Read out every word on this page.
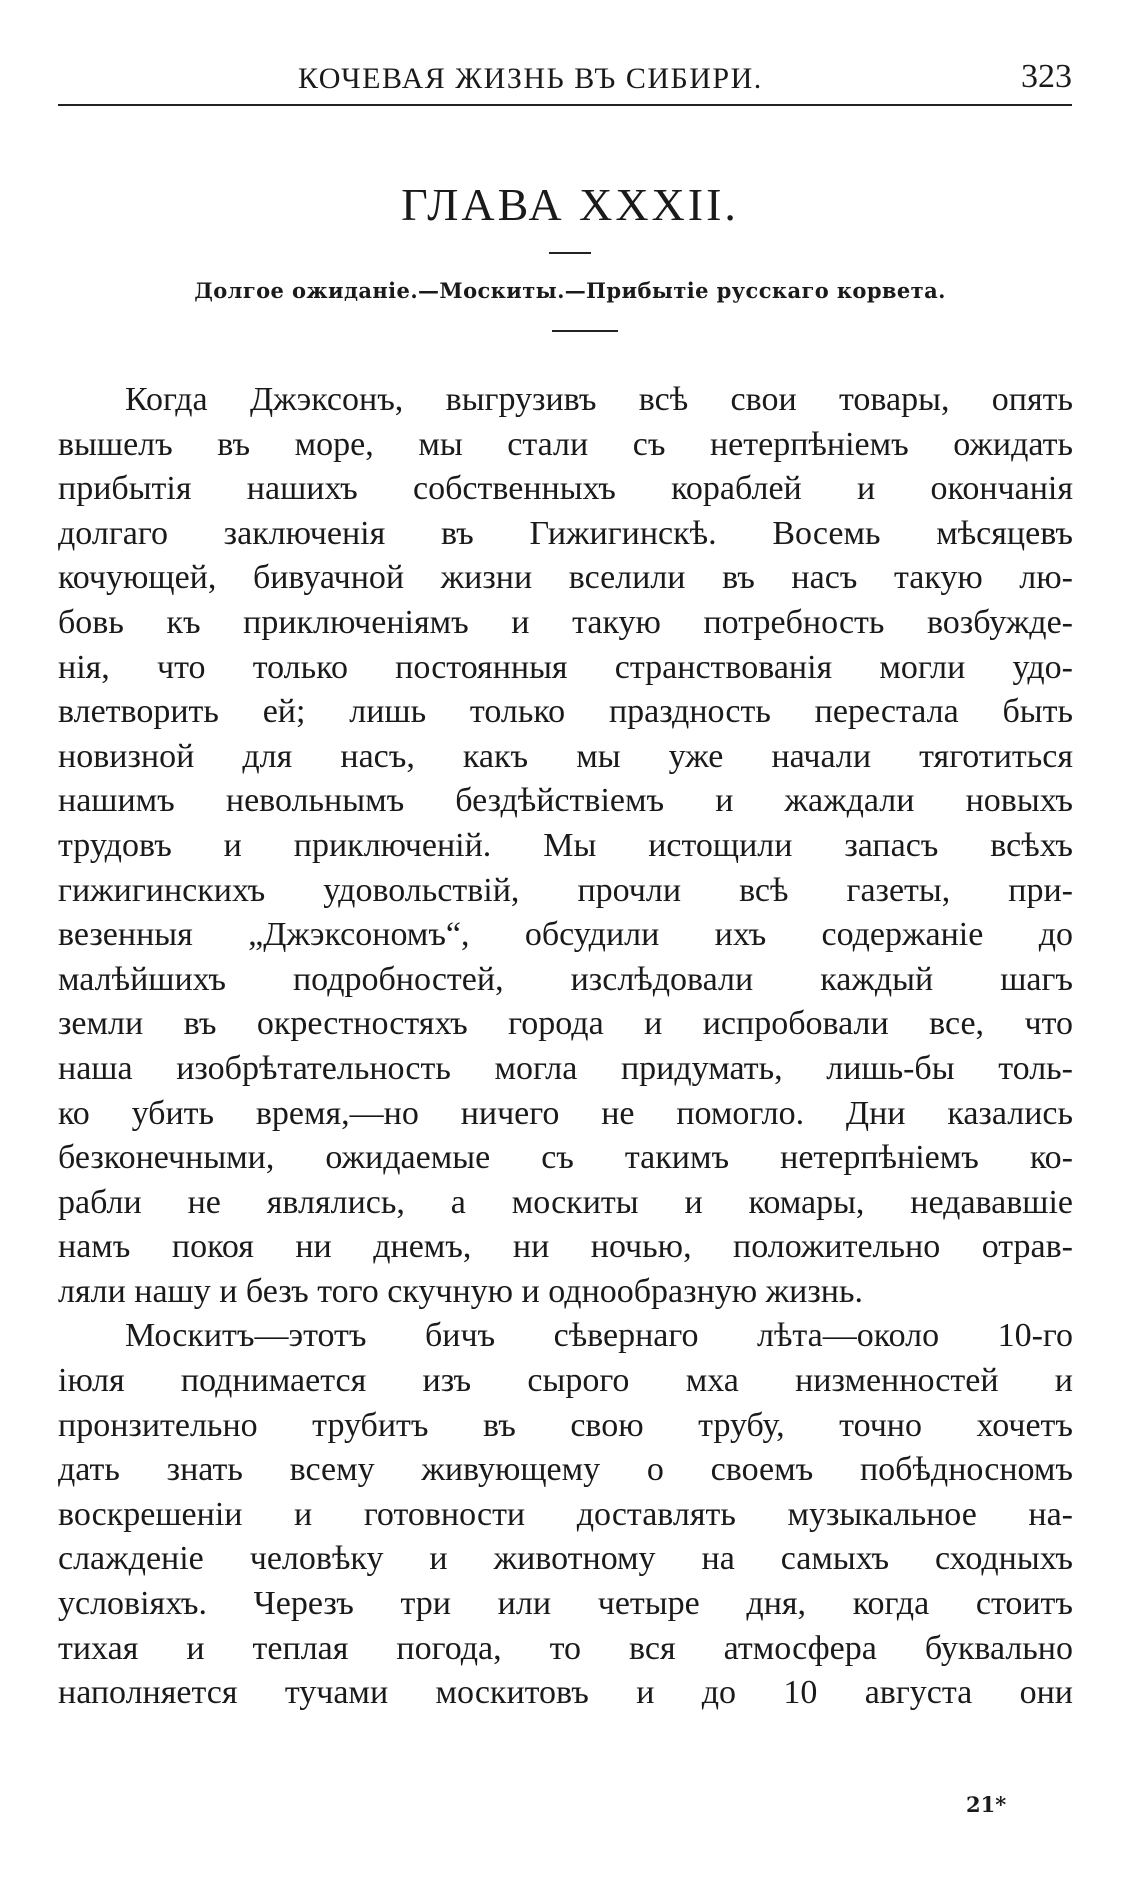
КОЧЕВАЯ ЖИЗНЬ ВЪ СИБИРИ.	323
ГЛАВА XXXII.
Долгое ожиданіе.—Москиты.—Прибытіе русскаго корвета.
Когда Джэксонъ, выгрузивъ всѣ свои товары, опять
вышелъ въ море, мы стали съ нетерпѣніемъ ожидать
прибытія нашихъ собственныхъ кораблей и окончанія
долгаго заключенія въ Гижигинскѣ. Восемь мѣсяцевъ
кочующей, бивуачной жизни вселили въ насъ такую лю-
бовь къ приключеніямъ и такую потребность возбужде-
нія, что только постоянныя странствованія могли удо-
влетворить ей; лишь только праздность перестала быть
новизной для насъ, какъ мы уже начали тяготиться
нашимъ невольнымъ бездѣйствіемъ и жаждали новыхъ
трудовъ и приключеній. Мы истощили запасъ всѣхъ
гижигинскихъ удовольствій, прочли всѣ газеты, при-
везенныя „Джэксономъ“, обсудили ихъ содержаніе до
малѣйшихъ подробностей, изслѣдовали каждый шагъ
земли въ окрестностяхъ города и испробовали все, что
наша изобрѣтательность могла придумать, лишь-бы толь-
ко убить время,—но ничего не помогло. Дни казались
безконечными, ожидаемые съ такимъ нетерпѣніемъ ко-
рабли не являлись, а москиты и комары, недававшіе
намъ покоя ни днемъ, ни ночью, положительно отрав-
ляли нашу и безъ того скучную и однообразную жизнь.
Москитъ—этотъ бичъ сѣвернаго лѣта—около 10-го
іюля поднимается изъ сырого мха низменностей и
пронзительно трубитъ въ свою трубу, точно хочетъ
дать знать всему живующему о своемъ побѣдносномъ
воскрешеніи и готовности доставлять музыкальное на-
слажденіе человѣку и животному на самыхъ сходныхъ
условіяхъ. Черезъ три или четыре дня, когда стоитъ
тихая и теплая погода, то вся атмосфера буквально
наполняется тучами москитовъ и до 10 августа они
21*
